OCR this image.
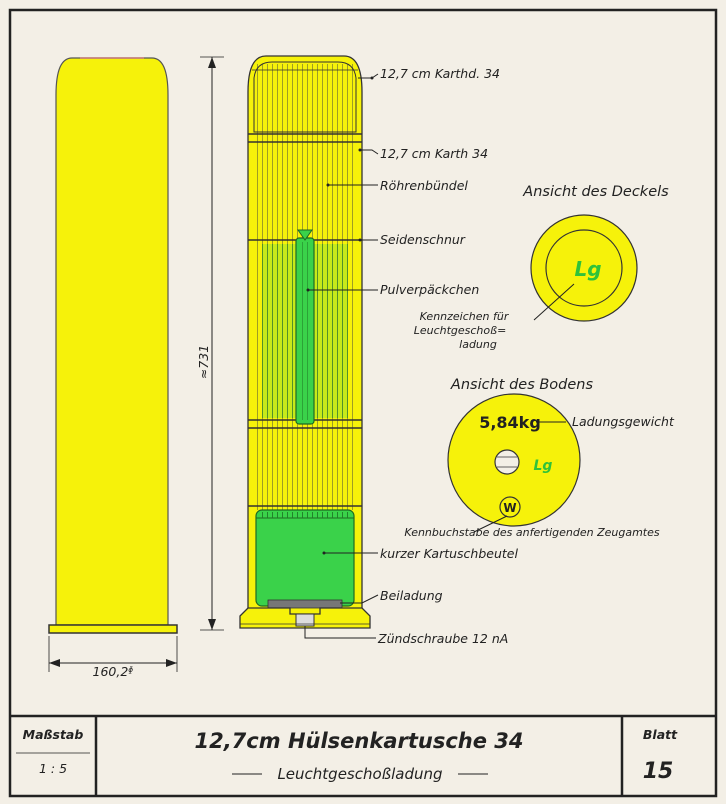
≈731
160,2ᶲ
12,7 cm Karthd. 34
12,7 cm Karth 34
Röhrenbündel
Seidenschnur
Pulverpäckchen
kurzer Kartuschbeutel
Beiladung
Zündschraube 12 nA
Ansicht des Deckels
Lg
Kennzeichen für
Leuchtgeschoß=
ladung
Ansicht des Bodens
5,84kg Ladungsgewicht
Lg
W
Kennbuchstabe des anfertigenden Zeugamtes
Maßstab
1 : 5
12,7cm Hülsenkartusche 34
Leuchtgeschoßladung
Blatt
15
